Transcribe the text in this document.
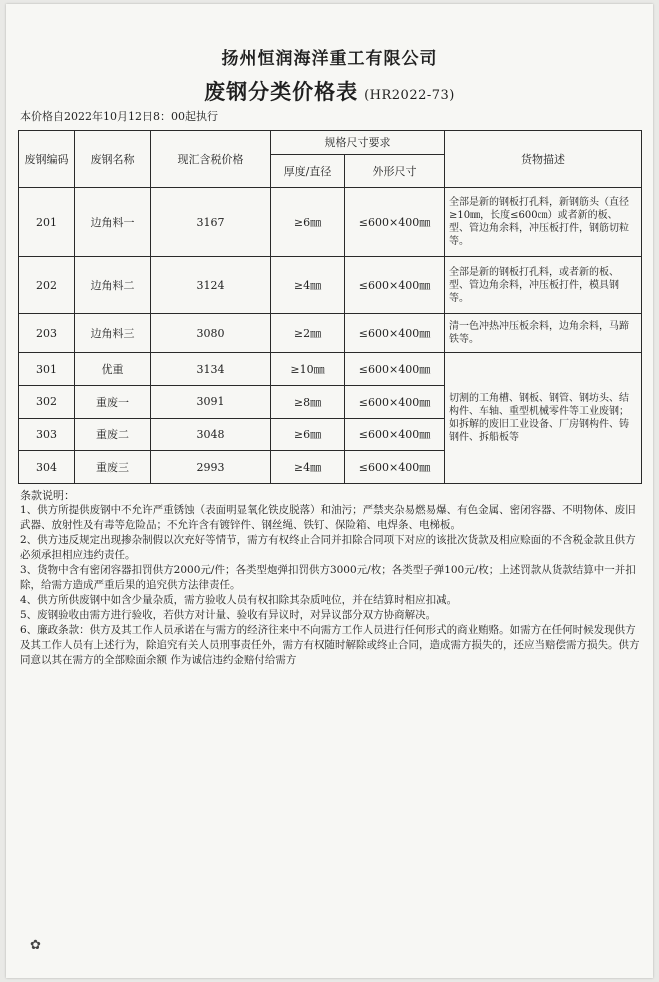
扬州恒润海洋重工有限公司
废钢分类价格表 (HR2022-73)
本价格自2022年10月12日8：00起执行
废钢编码	废钢名称	现汇含税价格	规格尺寸要求		货物描述
			厚度/直径	外形尺寸	
201	边角料一	3167	≥6㎜	≤600×400㎜	全部是新的钢板打孔料，新钢筋头（直径≥10㎜，长度≤600㎝）或者新的板、型、管边角余料，冲压板打件，钢筋切粒等。
202	边角料二	3124	≥4㎜	≤600×400㎜	全部是新的钢板打孔料，或者新的板、型、管边角余料，冲压板打件，模具钢等。
203	边角料三	3080	≥2㎜	≤600×400㎜	清一色冲热冲压板余料，边角余料，马蹄铁等。
301	优重	3134	≥10㎜	≤600×400㎜	切割的工角槽、钢板、钢管、钢坊头、结构件、车轴、重型机械零件等工业废钢；如拆解的废旧工业设备、厂房钢构件、铸钢件、拆船板等
302	重废一	3091	≥8㎜	≤600×400㎜	
303	重废二	3048	≥6㎜	≤600×400㎜	
304	重废三	2993	≥4㎜	≤600×400㎜	
条款说明：
1、供方所提供废钢中不允许严重锈蚀（表面明显氧化铁皮脱落）和油污；严禁夹杂易燃易爆、有色金属、密闭容器、不明物体、废旧武器、放射性及有毒等危险品；不允许含有镀锌件、钢丝绳、铁钉、保险箱、电焊条、电梯板。
2、供方违反规定出现掺杂制假以次充好等情节，需方有权终止合同并扣除合同项下对应的该批次货款及相应赊面的不含税金款且供方必须承担相应违约责任。
3、货物中含有密闭容器扣罚供方2000元/件；各类型炮弹扣罚供方3000元/枚；各类型子弹100元/枚；上述罚款从货款结算中一并扣除，给需方造成严重后果的追究供方法律责任。
4、供方所供废钢中如含少量杂质，需方验收人员有权扣除其杂质吨位，并在结算时相应扣减。
5、废钢验收由需方进行验收，若供方对计量、验收有异议时，对异议部分双方协商解决。
6、廉政条款：供方及其工作人员承诺在与需方的经济往来中不向需方工作人员进行任何形式的商业贿赂。如需方在任何时候发现供方及其工作人员有上述行为，除追究有关人员刑事责任外，需方有权随时解除或终止合同，造成需方损失的，还应当赔偿需方损失。供方同意以其在需方的全部赊面余额 作为诚信违约金赔付给需方
✿
